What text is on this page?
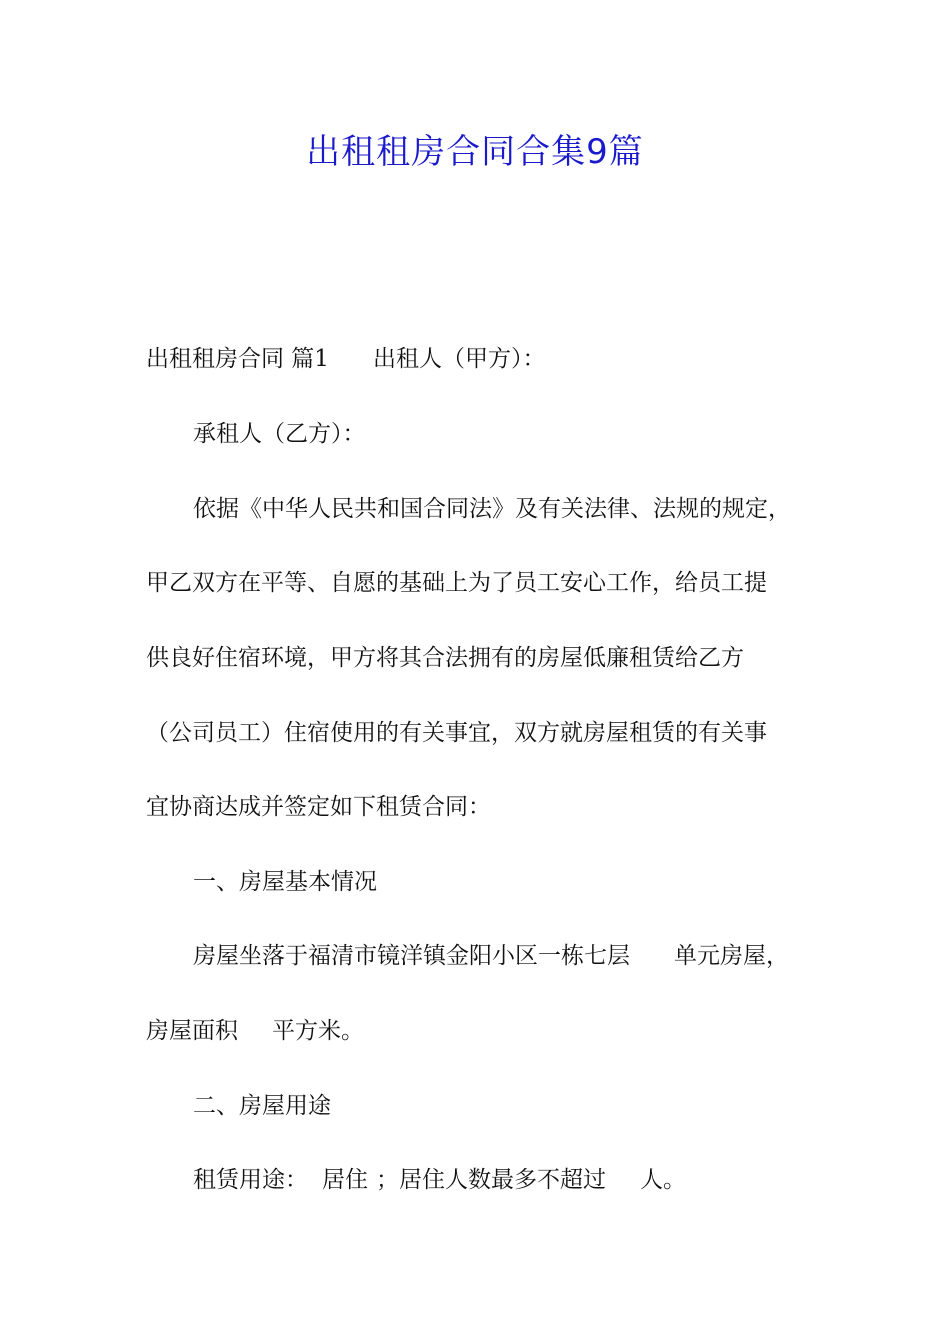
出租租房合同合集9篇
出租租房合同 篇1 出租人（甲方）：
承租人（乙方）：
依据《中华人民共和国合同法》及有关法律、法规的规定，
甲乙双方在平等、自愿的基础上为了员工安心工作，给员工提
供良好住宿环境，甲方将其合法拥有的房屋低廉租赁给乙方
（公司员工）住宿使用的有关事宜，双方就房屋租赁的有关事
宜协商达成并签定如下租赁合同：
一、房屋基本情况
房屋坐落于福清市镜洋镇金阳小区一栋七层 单元房屋，
房屋面积 平方米。
二、房屋用途
租赁用途： 居住 ；居住人数最多不超过 人。
